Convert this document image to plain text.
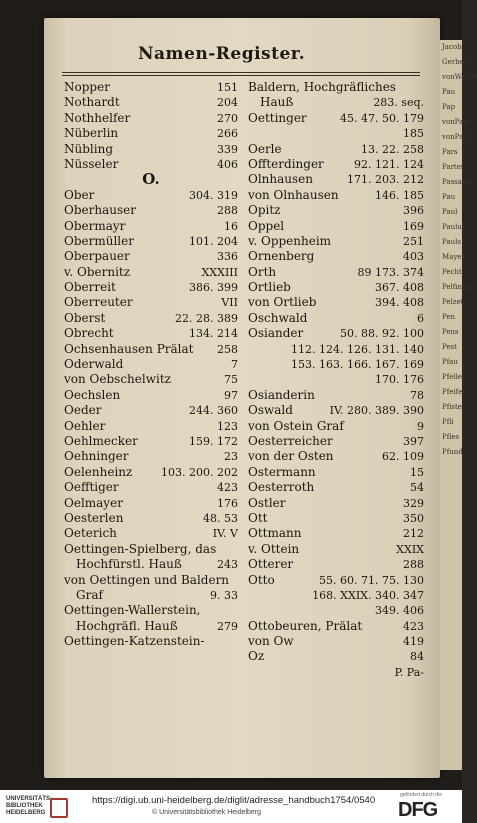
Jacob
Gerbert
vonWalbu
Pau
Pap
vonPap
vonPari
Pars
Parten
Passava
Pau
Paul
Paulus
Pauls
Mayer
Pecht
Pelfing
Pelzet
Pen
Pens
Pest
Pfau
Pfeller
Pfeifer
Pfiste
Pfli
Pfles
Pfund
Namen-Register.
Nopper	151
Nothardt	204
Nothhelfer	270
Nüberlin	266
Nübling	339
Nüsseler	406
O.
Ober	304. 319
Oberhauser	288
Obermayr	16
Obermüller	101. 204
Oberpauer	336
v. Obernitz	XXXIII
Oberreit	386. 399
Oberreuter	VII
Oberst	22. 28. 389
Obrecht	134. 214
Ochsenhausen Prälat 258
Oderwald	7
von Oebschelwitz	75
Oechslen	97
Oeder	244. 360
Oehler	123
Oehlmecker	159. 172
Oehninger	23
Oelenheinz	103. 200. 202
Oefftiger	423
Oelmayer	176
Oesterlen	48. 53
Oeterich	IV. V
Oettingen-Spielberg, das
Hochfürstl. Hauß	243
von Oettingen und Baldern
Graf	9. 33
Oettingen-Wallerstein,
Hochgräfl. Hauß	279
Oettingen-Katzenstein-
Baldern, Hochgräfliches
Hauß	283. seq.
Oettinger	45. 47. 50. 179
185
Oerle	13. 22. 258
Offterdinger	92. 121. 124
Olnhausen	171. 203. 212
von Olnhausen	146. 185
Opitz	396
Oppel	169
v. Oppenheim	251
Ornenberg	403
Orth	89 173. 374
Ortlieb	367. 408
von Ortlieb	394. 408
Oschwald	6
Osiander	50. 88. 92. 100
112. 124. 126. 131. 140
153. 163. 166. 167. 169
170. 176
Osianderin	78
Oswald	IV. 280. 389. 390
von Ostein Graf	9
Oesterreicher	397
von der Osten	62. 109
Ostermann	15
Oesterroth	54
Ostler	329
Ott	350
Ottmann	212
v. Ottein	XXIX
Otterer	288
Otto	55. 60. 71. 75. 130
168. XXIX. 340. 347
349. 406
Ottobeuren, Prälat	423
von Ow	419
Oz	84
P. Pa-
UNIVERSITÄTS-
BIBLIOTHEK
HEIDELBERG
https://digi.ub.uni-heidelberg.de/diglit/adresse_handbuch1754/0540
© Universitätsbibliothek Heidelberg
gefördert durch die
DFG
